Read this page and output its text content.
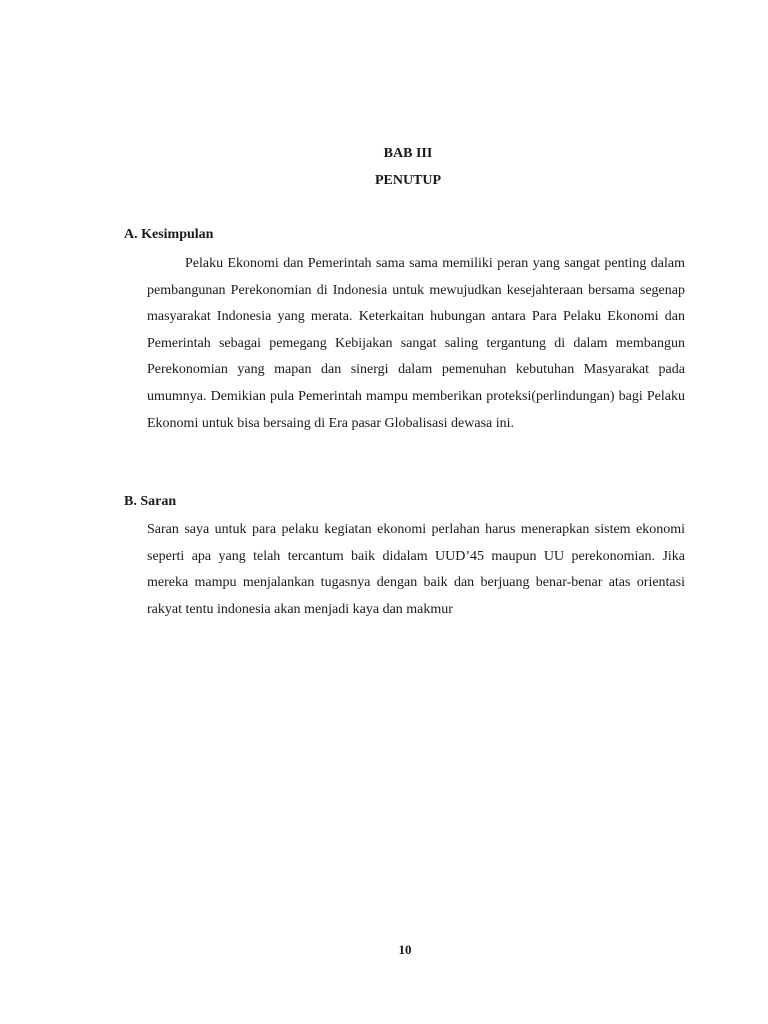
BAB III
PENUTUP
A. Kesimpulan

Pelaku Ekonomi dan Pemerintah sama sama memiliki peran yang sangat penting dalam pembangunan Perekonomian di Indonesia untuk mewujudkan kesejahteraan bersama segenap masyarakat Indonesia yang merata. Keterkaitan hubungan antara Para Pelaku Ekonomi dan Pemerintah sebagai pemegang Kebijakan sangat saling tergantung di dalam membangun Perekonomian yang mapan dan sinergi dalam pemenuhan kebutuhan Masyarakat pada umumnya. Demikian pula Pemerintah mampu memberikan proteksi(perlindungan) bagi Pelaku Ekonomi untuk bisa bersaing di Era pasar Globalisasi dewasa ini.

B. Saran

Saran saya untuk para pelaku kegiatan ekonomi perlahan harus menerapkan sistem ekonomi seperti apa yang telah tercantum baik didalam UUD’45 maupun UU perekonomian. Jika mereka mampu menjalankan tugasnya dengan baik dan berjuang benar-benar atas orientasi rakyat tentu indonesia akan menjadi kaya dan makmur

10
